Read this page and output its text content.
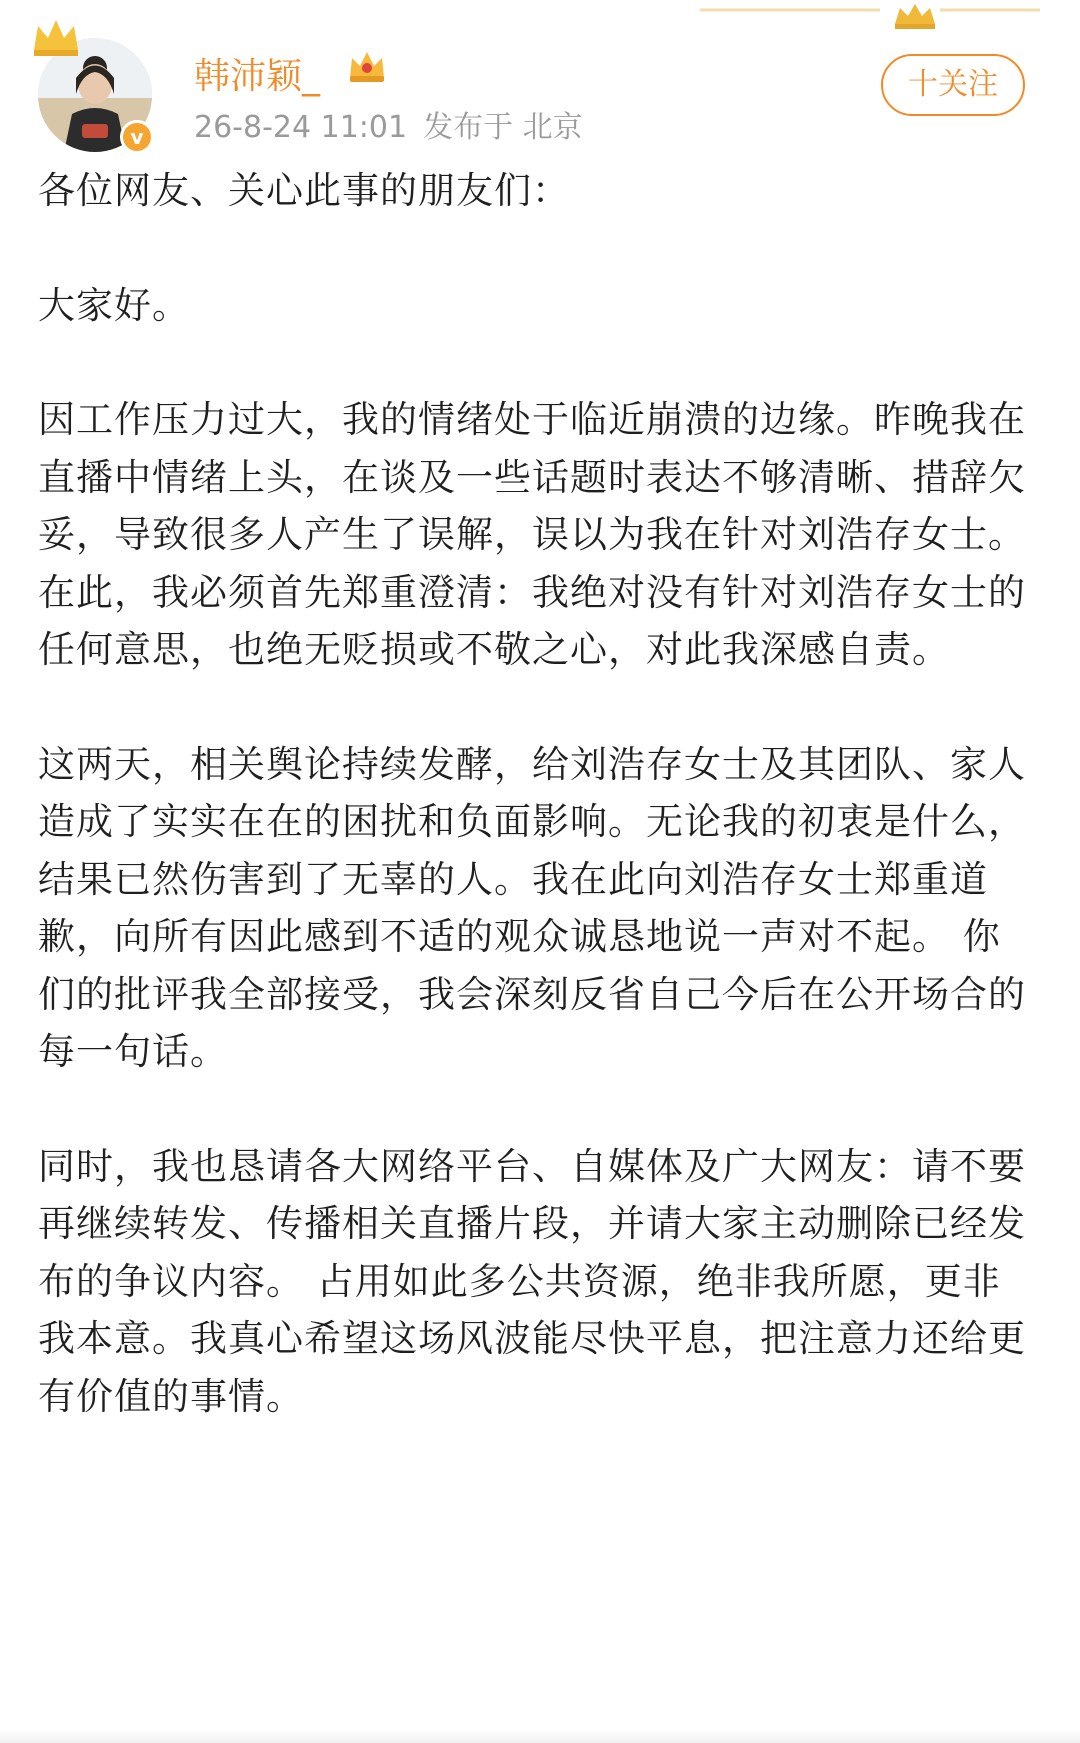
v
韩沛颖_
26-8-24 11:01 发布于 北京
十关注

各位网友、关心此事的朋友们：

大家好。

因工作压力过大，我的情绪处于临近崩溃的边缘。昨晚我在直播中情绪上头，在谈及一些话题时表达不够清晰、措辞欠妥，导致很多人产生了误解，误以为我在针对刘浩存女士。在此，我必须首先郑重澄清：我绝对没有针对刘浩存女士的任何意思，也绝无贬损或不敬之心，对此我深感自责。

这两天，相关舆论持续发酵，给刘浩存女士及其团队、家人造成了实实在在的困扰和负面影响。无论我的初衷是什么，结果已然伤害到了无辜的人。我在此向刘浩存女士郑重道歉，向所有因此感到不适的观众诚恳地说一声对不起。 你们的批评我全部接受，我会深刻反省自己今后在公开场合的每一句话。

同时，我也恳请各大网络平台、自媒体及广大网友：请不要再继续转发、传播相关直播片段，并请大家主动删除已经发布的争议内容。 占用如此多公共资源，绝非我所愿，更非我本意。我真心希望这场风波能尽快平息，把注意力还给更有价值的事情。
